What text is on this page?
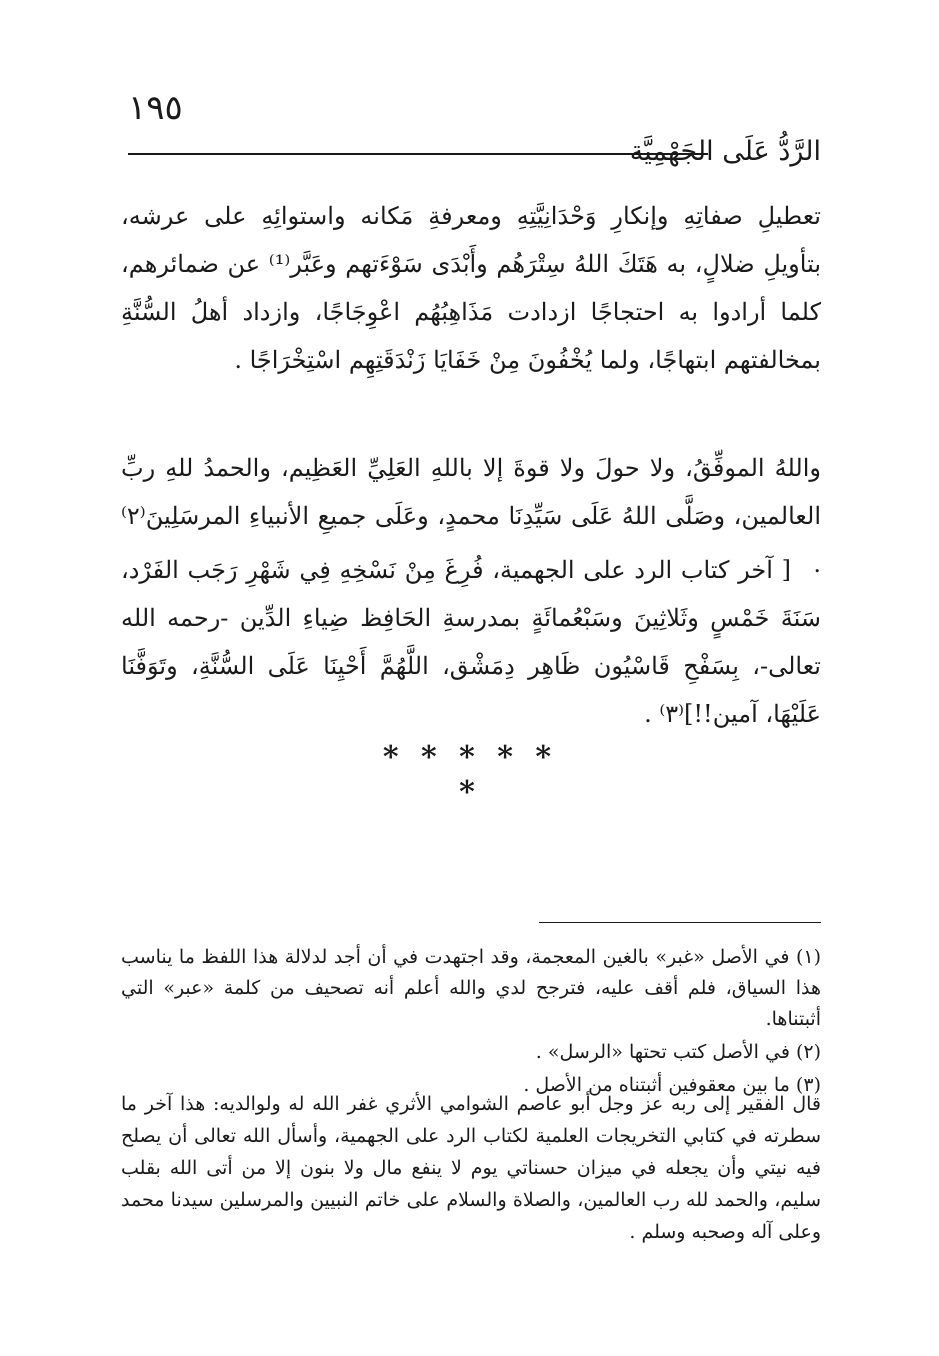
١٩٥
الرَّدُّ عَلَى الجَهْمِيَّة
تعطيلِ صفاتِهِ وإنكارِ وَحْدَانِيَّتِهِ ومعرفةِ مَكانه واستوائِهِ على عرشه، بتأويلِ ضلالٍ، به هَتَكَ اللهُ سِتْرَهُم وأَبْدَى سَوْءَتهم وعَبَّر⁽¹⁾ عن ضمائرهم، كلما أرادوا به احتجاجًا ازدادت مَذَاهِبُهُم اعْوِجَاجًا، وازداد أهلُ السُّنَّةِ بمخالفتهم ابتهاجًا، ولما يُخْفُونَ مِنْ خَفَايَا زَنْدَقَتِهِم اسْتِخْرَاجًا .
واللهُ الموفِّقُ، ولا حولَ ولا قوةَ إلا باللهِ العَلِيِّ العَظِيم، والحمدُ للهِ ربِّ العالمين، وصَلَّى اللهُ عَلَى سَيِّدِنَا محمدٍ، وعَلَى جميعِ الأنبياءِ المرسَلِينَ⁽٢⁾ .
[ آخر كتاب الرد على الجهمية، فُرِغَ مِنْ نَسْخِهِ فِي شَهْرِ رَجَب الفَرْد، سَنَةَ خَمْسٍ وثَلاثِينَ وسَبْعُمائَةٍ بمدرسةِ الحَافِظ ضِياءِ الدِّين -رحمه الله تعالى-، بِسَفْحِ قَاسْيُون ظَاهِر دِمَشْق، اللَّهُمَّ أَحْيِنَا عَلَى السُّنَّةِ، وتَوَفَّنَا عَلَيْهَا، آمين!!]⁽٣⁾ .
* * * * * *

(١) في الأصل «غبر» بالغين المعجمة، وقد اجتهدت في أن أجد لدلالة هذا اللفظ ما يناسب هذا السياق، فلم أقف عليه، فترجح لدي والله أعلم أنه تصحيف من كلمة «عبر» التي أثبتناها.

(٢) في الأصل كتب تحتها «الرسل» .

(٣) ما بين معقوفين أثبتناه من الأصل .

قال الفقير إلى ربه عز وجل أبو عاصم الشوامي الأثري غفر الله له ولوالديه: هذا آخر ما سطرته في كتابي التخريجات العلمية لكتاب الرد على الجهمية، وأسأل الله تعالى أن يصلح فيه نيتي وأن يجعله في ميزان حسناتي يوم لا ينفع مال ولا بنون إلا من أتى الله بقلب سليم، والحمد لله رب العالمين، والصلاة والسلام على خاتم النبيين والمرسلين سيدنا محمد وعلى آله وصحبه وسلم .
